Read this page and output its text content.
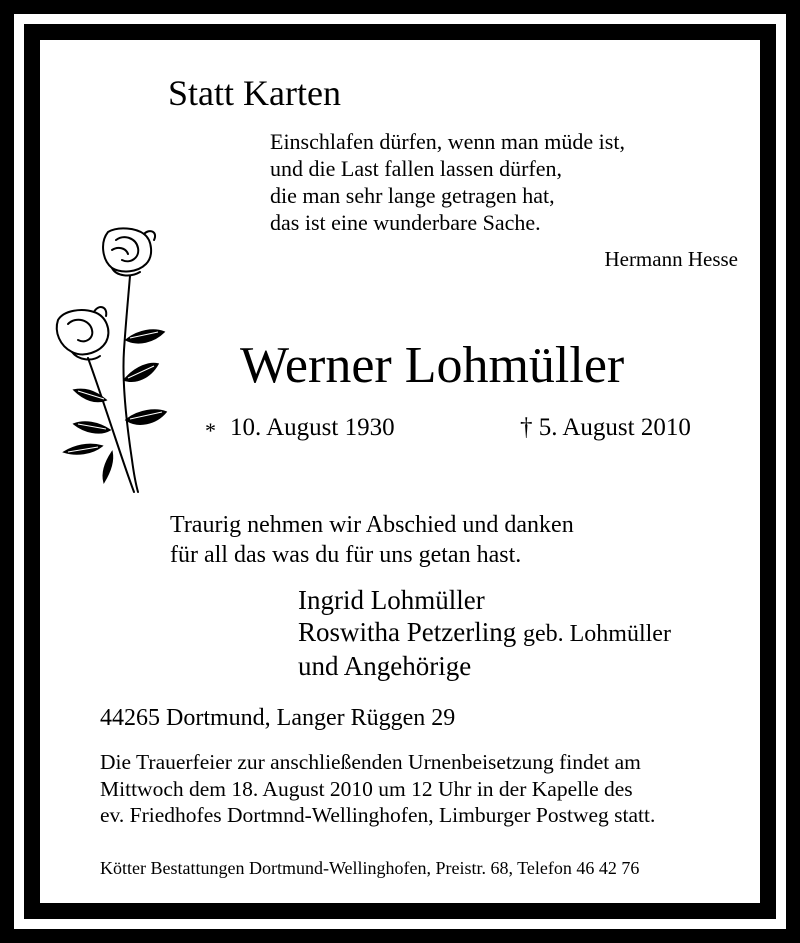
Statt Karten
Einschlafen dürfen, wenn man müde ist,
und die Last fallen lassen dürfen,
die man sehr lange getragen hat,
das ist eine wunderbare Sache.
Hermann Hesse
Werner Lohmüller
* 10. August 1930	† 5. August 2010
Traurig nehmen wir Abschied und danken
für all das was du für uns getan hast.
Ingrid Lohmüller
Roswitha Petzerling geb. Lohmüller
und Angehörige
44265 Dortmund, Langer Rüggen 29
Die Trauerfeier zur anschließenden Urnenbeisetzung findet am
Mittwoch dem 18. August 2010 um 12 Uhr in der Kapelle des
ev. Friedhofes Dortmnd-Wellinghofen, Limburger Postweg statt.
Kötter Bestattungen Dortmund-Wellinghofen, Preistr. 68, Telefon 46 42 76
